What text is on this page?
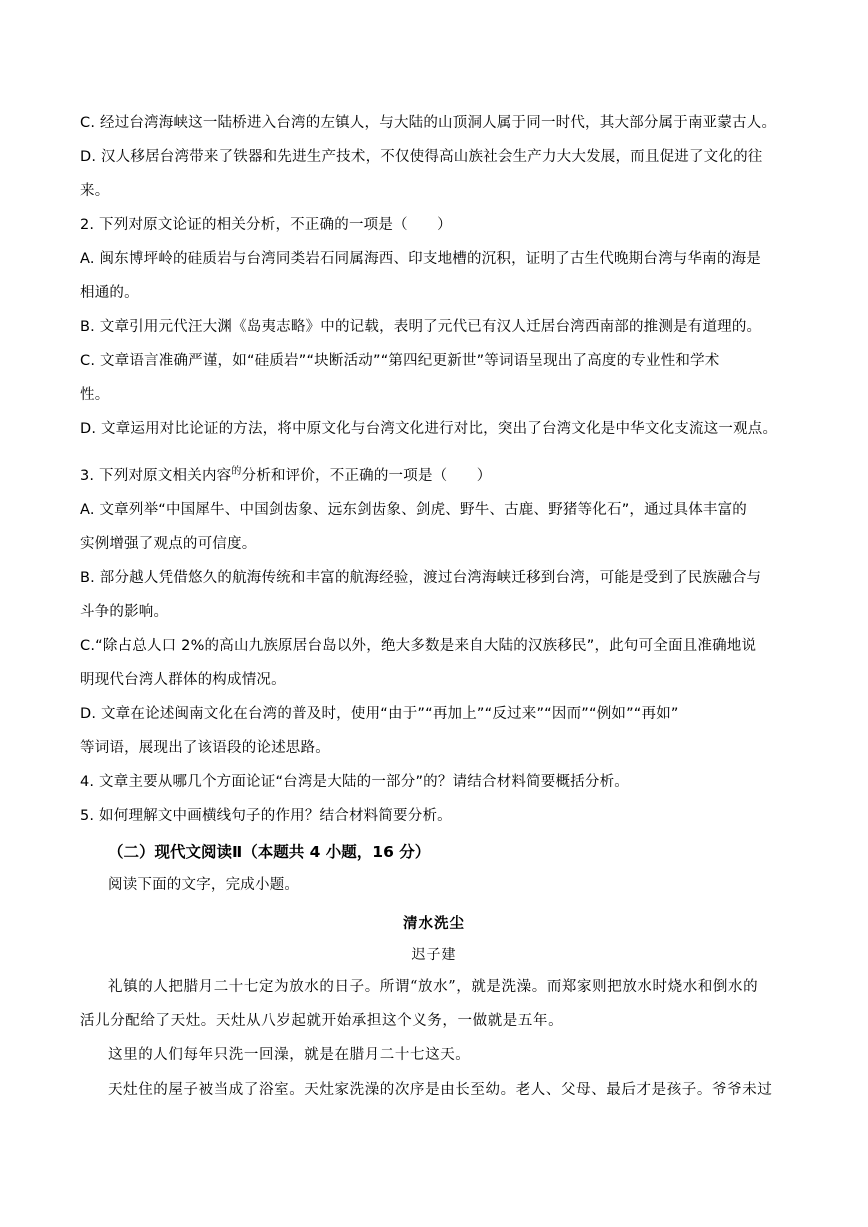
C. 经过台湾海峡这一陆桥进入台湾的左镇人，与大陆的山顶洞人属于同一时代，其大部分属于南亚蒙古人。
D. 汉人移居台湾带来了铁器和先进生产技术，不仅使得高山族社会生产力大大发展，而且促进了文化的往
来。
2. 下列对原文论证的相关分析，不正确的一项是（　　）
A. 闽东博坪岭的硅质岩与台湾同类岩石同属海西、印支地槽的沉积，证明了古生代晚期台湾与华南的海是
相通的。
B. 文章引用元代汪大渊《岛夷志略》中的记载，表明了元代已有汉人迁居台湾西南部的推测是有道理的。
C. 文章语言准确严谨，如“硅质岩”“块断活动”“第四纪更新世”等词语呈现出了高度的专业性和学术
性。
D. 文章运用对比论证的方法，将中原文化与台湾文化进行对比，突出了台湾文化是中华文化支流这一观点。
3. 下列对原文相关内容$^的$分析和评价，不正确的一项是（　　）
A. 文章列举“中国犀牛、中国剑齿象、远东剑齿象、剑虎、野牛、古鹿、野猪等化石”，通过具体丰富的
实例增强了观点的可信度。
B. 部分越人凭借悠久的航海传统和丰富的航海经验，渡过台湾海峡迁移到台湾，可能是受到了民族融合与
斗争的影响。
C.“除占总人口 2%的高山九族原居台岛以外，绝大多数是来自大陆的汉族移民”，此句可全面且准确地说
明现代台湾人群体的构成情况。
D. 文章在论述闽南文化在台湾的普及时，使用“由于”“再加上”“反过来”“因而”“例如”“再如”
等词语，展现出了该语段的论述思路。
4. 文章主要从哪几个方面论证“台湾是大陆的一部分”的？请结合材料简要概括分析。
5. 如何理解文中画横线句子的作用？结合材料简要分析。
（二）现代文阅读Ⅱ（本题共 4 小题，16 分）
阅读下面的文字，完成小题。
清水洗尘
迟子建
礼镇的人把腊月二十七定为放水的日子。所谓“放水”，就是洗澡。而郑家则把放水时烧水和倒水的
活儿分配给了天灶。天灶从八岁起就开始承担这个义务，一做就是五年。
这里的人们每年只洗一回澡，就是在腊月二十七这天。
天灶住的屋子被当成了浴室。天灶家洗澡的次序是由长至幼。老人、父母、最后才是孩子。爷爷未过
